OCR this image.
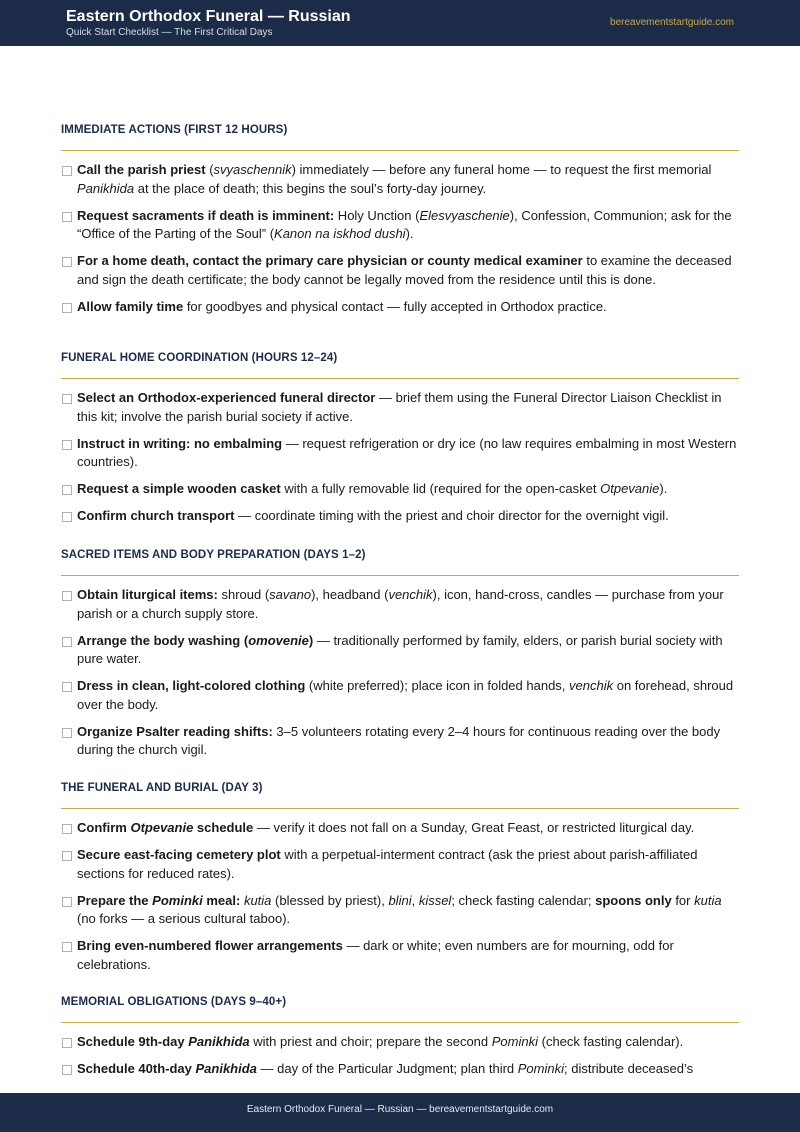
Eastern Orthodox Funeral — Russian
Quick Start Checklist — The First Critical Days
bereavementstartguide.com
IMMEDIATE ACTIONS (FIRST 12 HOURS)
Call the parish priest (svyaschennik) immediately — before any funeral home — to request the first memorial Panikhida at the place of death; this begins the soul’s forty-day journey.
Request sacraments if death is imminent: Holy Unction (Elesvyaschenie), Confession, Communion; ask for the “Office of the Parting of the Soul” (Kanon na iskhod dushi).
For a home death, contact the primary care physician or county medical examiner to examine the deceased and sign the death certificate; the body cannot be legally moved from the residence until this is done.
Allow family time for goodbyes and physical contact — fully accepted in Orthodox practice.
FUNERAL HOME COORDINATION (HOURS 12–24)
Select an Orthodox-experienced funeral director — brief them using the Funeral Director Liaison Checklist in this kit; involve the parish burial society if active.
Instruct in writing: no embalming — request refrigeration or dry ice (no law requires embalming in most Western countries).
Request a simple wooden casket with a fully removable lid (required for the open-casket Otpevanie).
Confirm church transport — coordinate timing with the priest and choir director for the overnight vigil.
SACRED ITEMS AND BODY PREPARATION (DAYS 1–2)
Obtain liturgical items: shroud (savano), headband (venchik), icon, hand-cross, candles — purchase from your parish or a church supply store.
Arrange the body washing (omovenie) — traditionally performed by family, elders, or parish burial society with pure water.
Dress in clean, light-colored clothing (white preferred); place icon in folded hands, venchik on forehead, shroud over the body.
Organize Psalter reading shifts: 3–5 volunteers rotating every 2–4 hours for continuous reading over the body during the church vigil.
THE FUNERAL AND BURIAL (DAY 3)
Confirm Otpevanie schedule — verify it does not fall on a Sunday, Great Feast, or restricted liturgical day.
Secure east-facing cemetery plot with a perpetual-interment contract (ask the priest about parish-affiliated sections for reduced rates).
Prepare the Pominki meal: kutia (blessed by priest), blini, kissel; check fasting calendar; spoons only for kutia (no forks — a serious cultural taboo).
Bring even-numbered flower arrangements — dark or white; even numbers are for mourning, odd for celebrations.
MEMORIAL OBLIGATIONS (DAYS 9–40+)
Schedule 9th-day Panikhida with priest and choir; prepare the second Pominki (check fasting calendar).
Schedule 40th-day Panikhida — day of the Particular Judgment; plan third Pominki; distribute deceased’s
Eastern Orthodox Funeral — Russian — bereavementstartguide.com
